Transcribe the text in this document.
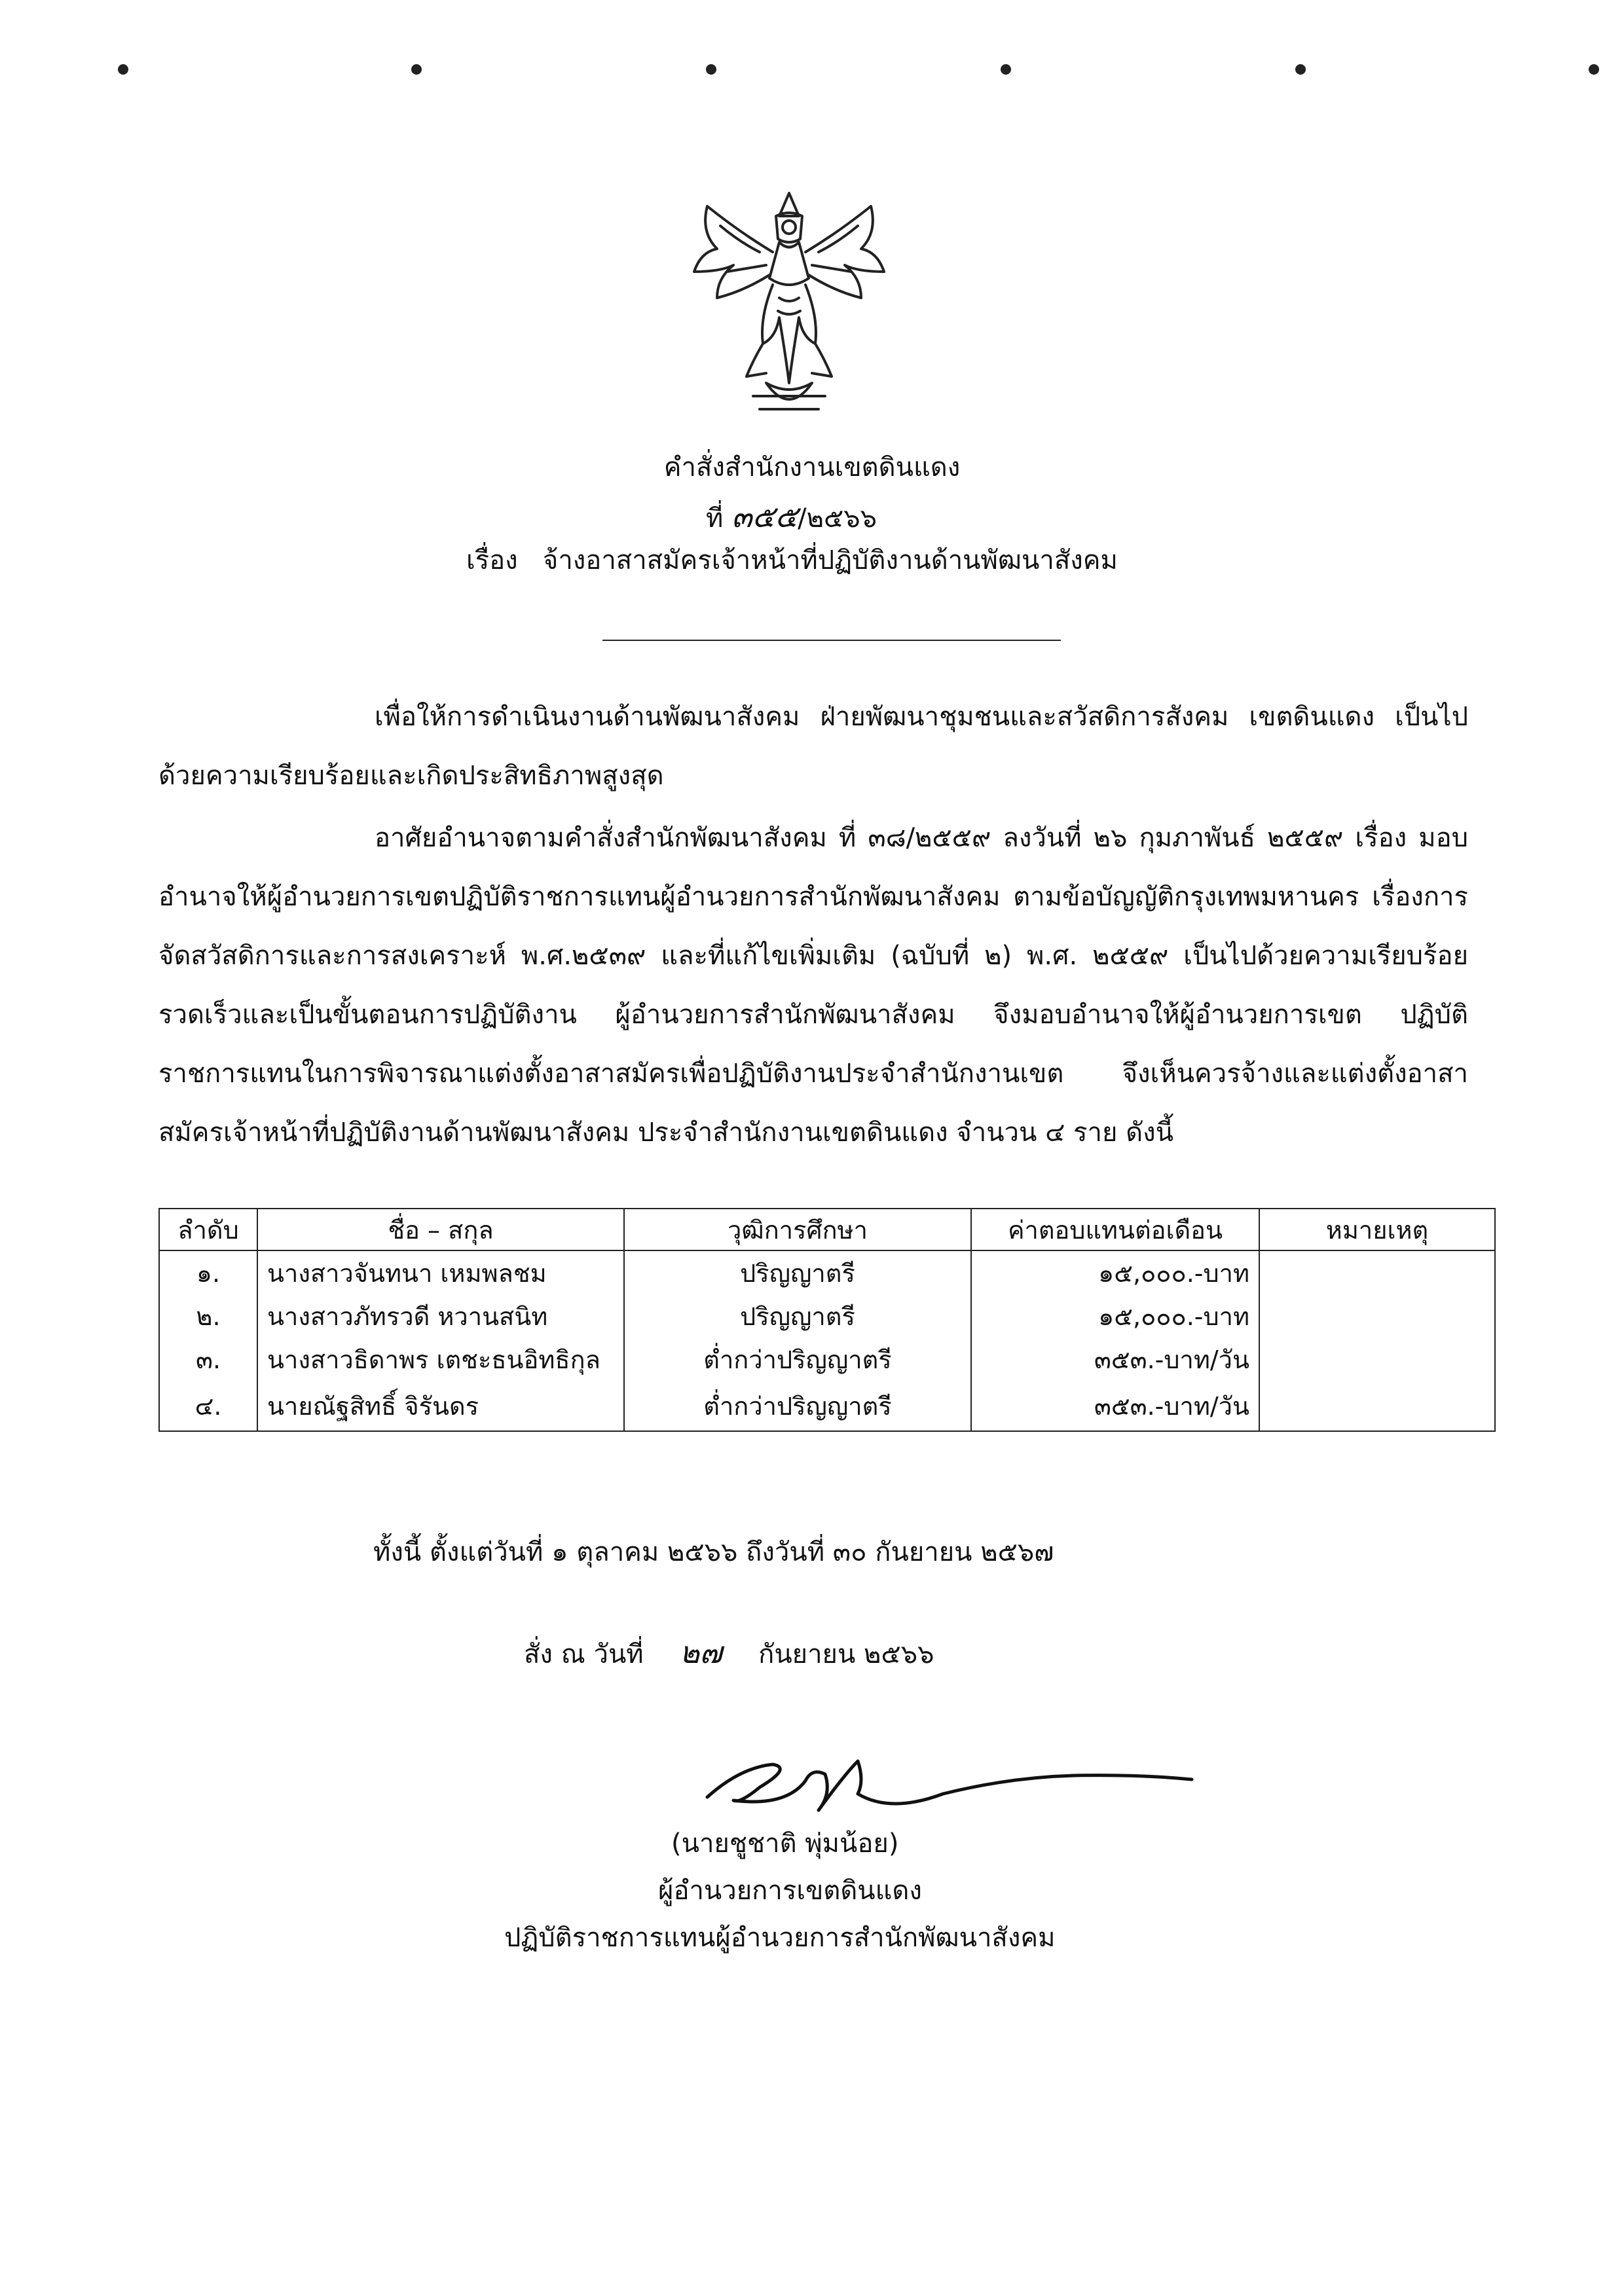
คำสั่งสำนักงานเขตดินแดง
ที่ ๓๕๕/๒๕๖๖
เรื่อง จ้างอาสาสมัครเจ้าหน้าที่ปฏิบัติงานด้านพัฒนาสังคม

เพื่อให้การดำเนินงานด้านพัฒนาสังคม ฝ่ายพัฒนาชุมชนและสวัสดิการสังคม เขตดินแดง เป็นไปด้วยความเรียบร้อยและเกิดประสิทธิภาพสูงสุด

อาศัยอำนาจตามคำสั่งสำนักพัฒนาสังคม ที่ ๓๘/๒๕๕๙ ลงวันที่ ๒๖ กุมภาพันธ์ ๒๕๕๙ เรื่อง มอบอำนาจให้ผู้อำนวยการเขตปฏิบัติราชการแทนผู้อำนวยการสำนักพัฒนาสังคม ตามข้อบัญญัติกรุงเทพมหานคร เรื่องการจัดสวัสดิการและการสงเคราะห์ พ.ศ.๒๕๓๙ และที่แก้ไขเพิ่มเติม (ฉบับที่ ๒) พ.ศ. ๒๕๕๙ เป็นไปด้วยความเรียบร้อย รวดเร็วและเป็นขั้นตอนการปฏิบัติงาน ผู้อำนวยการสำนักพัฒนาสังคม จึงมอบอำนาจให้ผู้อำนวยการเขต ปฏิบัติราชการแทนในการพิจารณาแต่งตั้งอาสาสมัครเพื่อปฏิบัติงานประจำสำนักงานเขต จึงเห็นควรจ้างและแต่งตั้งอาสาสมัครเจ้าหน้าที่ปฏิบัติงานด้านพัฒนาสังคม ประจำสำนักงานเขตดินแดง จำนวน ๔ ราย ดังนี้

ลำดับ	ชื่อ – สกุล	วุฒิการศึกษา	ค่าตอบแทนต่อเดือน	หมายเหตุ
๑.	นางสาวจันทนา เหมพลชม	ปริญญาตรี	๑๕,๐๐๐.-บาท	
๒.	นางสาวภัทรวดี หวานสนิท	ปริญญาตรี	๑๕,๐๐๐.-บาท	
๓.	นางสาวธิดาพร เตชะธนอิทธิกุล	ต่ำกว่าปริญญาตรี	๓๕๓.-บาท/วัน	
๔.	นายณัฐสิทธิ์ จิรันดร	ต่ำกว่าปริญญาตรี	๓๕๓.-บาท/วัน	
ทั้งนี้ ตั้งแต่วันที่ ๑ ตุลาคม ๒๕๖๖ ถึงวันที่ ๓๐ กันยายน ๒๕๖๗
สั่ง ณ วันที่ ๒๗ กันยายน ๒๕๖๖
(นายชูชาติ พุ่มน้อย)
ผู้อำนวยการเขตดินแดง
ปฏิบัติราชการแทนผู้อำนวยการสำนักพัฒนาสังคม
